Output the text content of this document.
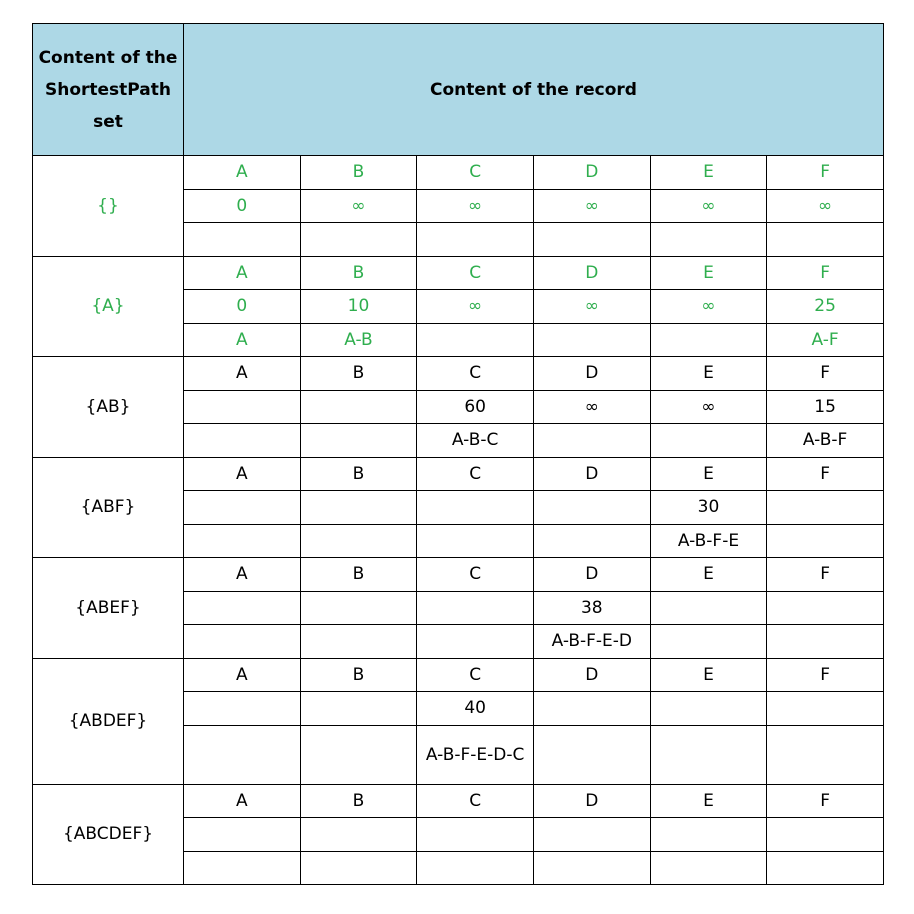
Content of the ShortestPath set	Content of the record					
{}	A	B	C	D	E	F
	0	∞	∞	∞	∞	∞

{A}	A	B	C	D	E	F
	0	10	∞	∞	∞	25
	A	A-B				A-F
{AB}	A	B	C	D	E	F
			60	∞	∞	15
			A-B-C			A-B-F
{ABF}	A	B	C	D	E	F
					30	
					A-B-F-E	
{ABEF}	A	B	C	D	E	F
				38		
				A-B-F-E-D		
{ABDEF}	A	B	C	D	E	F
			40			
			A-B-F-E-D-C			
{ABCDEF}	A	B	C	D	E	F
